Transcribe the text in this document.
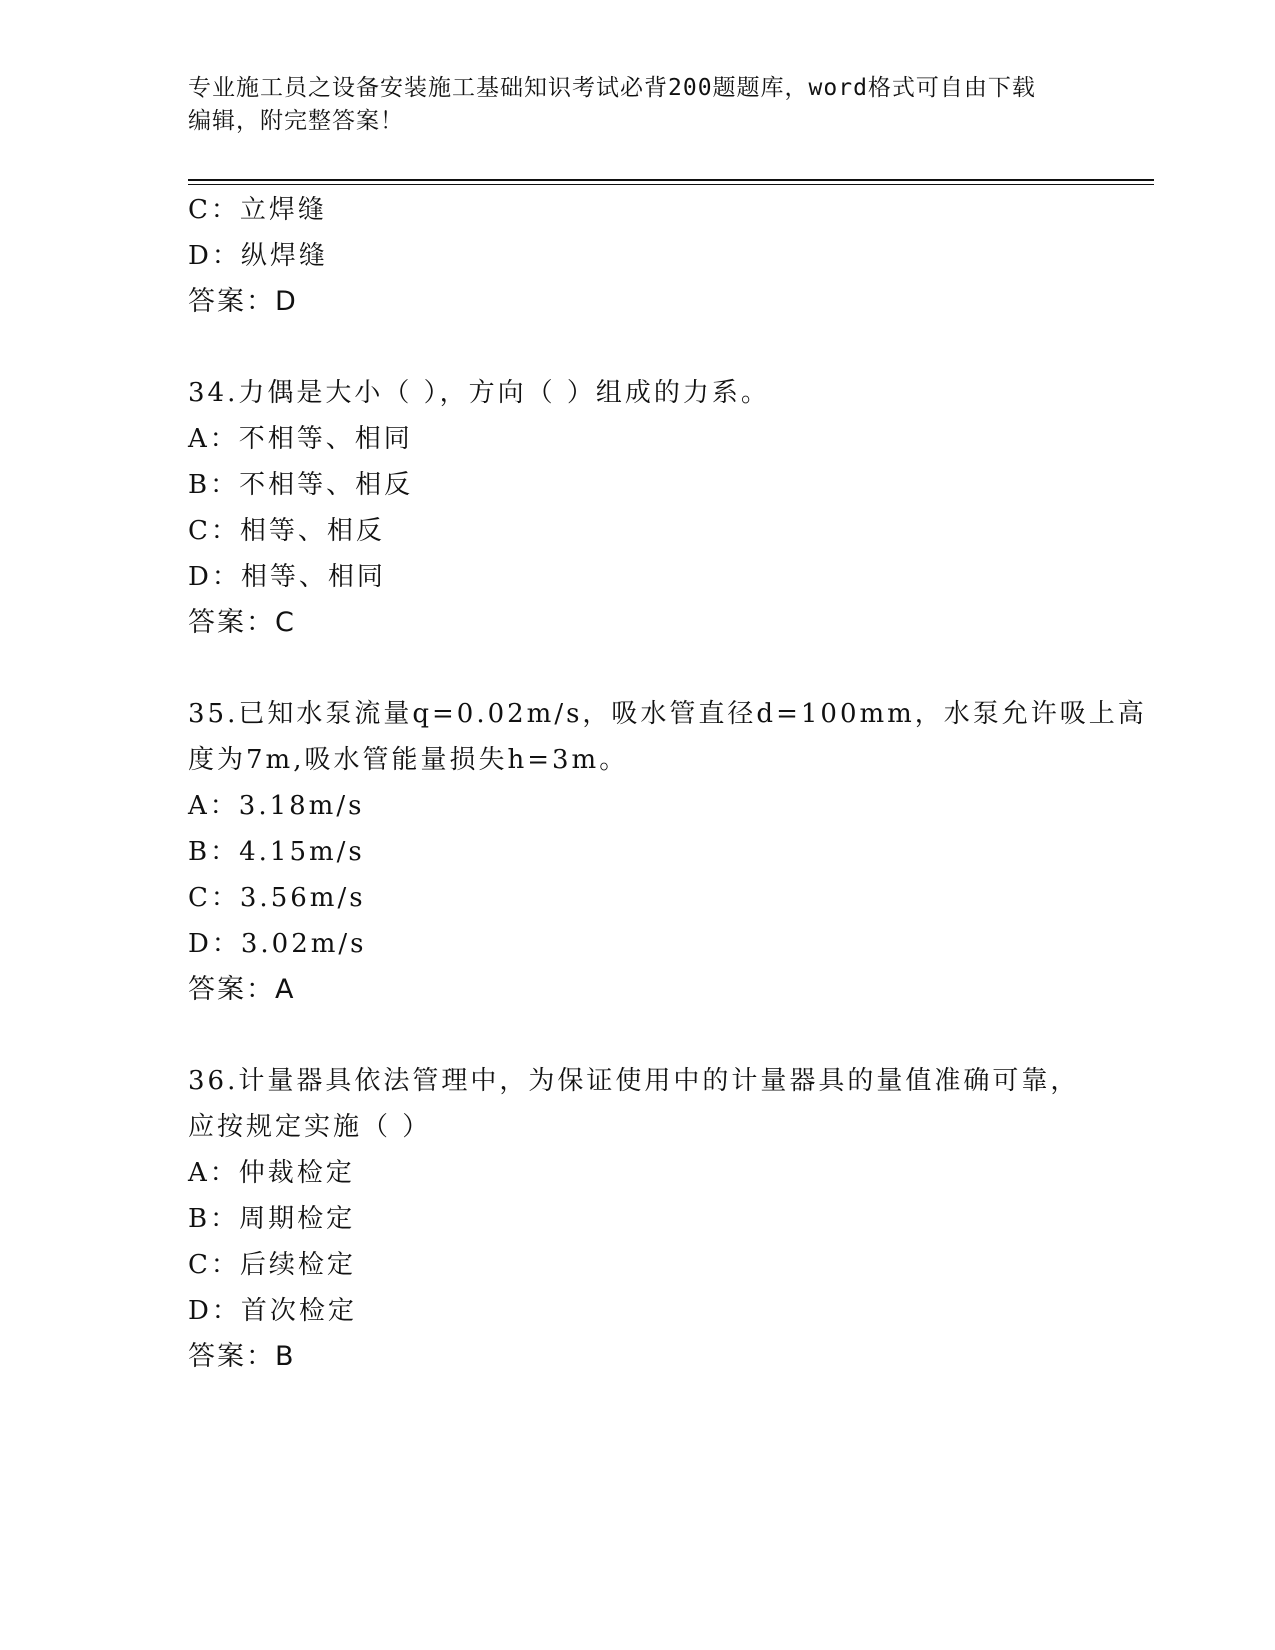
专业施工员之设备安装施工基础知识考试必背200题题库，word格式可自由下载
编辑，附完整答案！
C：立焊缝
D：纵焊缝
答案：D
34.力偶是大小（ ），方向（ ）组成的力系。
A：不相等、相同
B：不相等、相反
C：相等、相反
D：相等、相同
答案：C
35.已知水泵流量q=0.02m/s，吸水管直径d=100mm，水泵允许吸上高
度为7m,吸水管能量损失h=3m。
A：3.18m/s
B：4.15m/s
C：3.56m/s
D：3.02m/s
答案：A
36.计量器具依法管理中，为保证使用中的计量器具的量值准确可靠，
应按规定实施（ ）
A：仲裁检定
B：周期检定
C：后续检定
D：首次检定
答案：B
